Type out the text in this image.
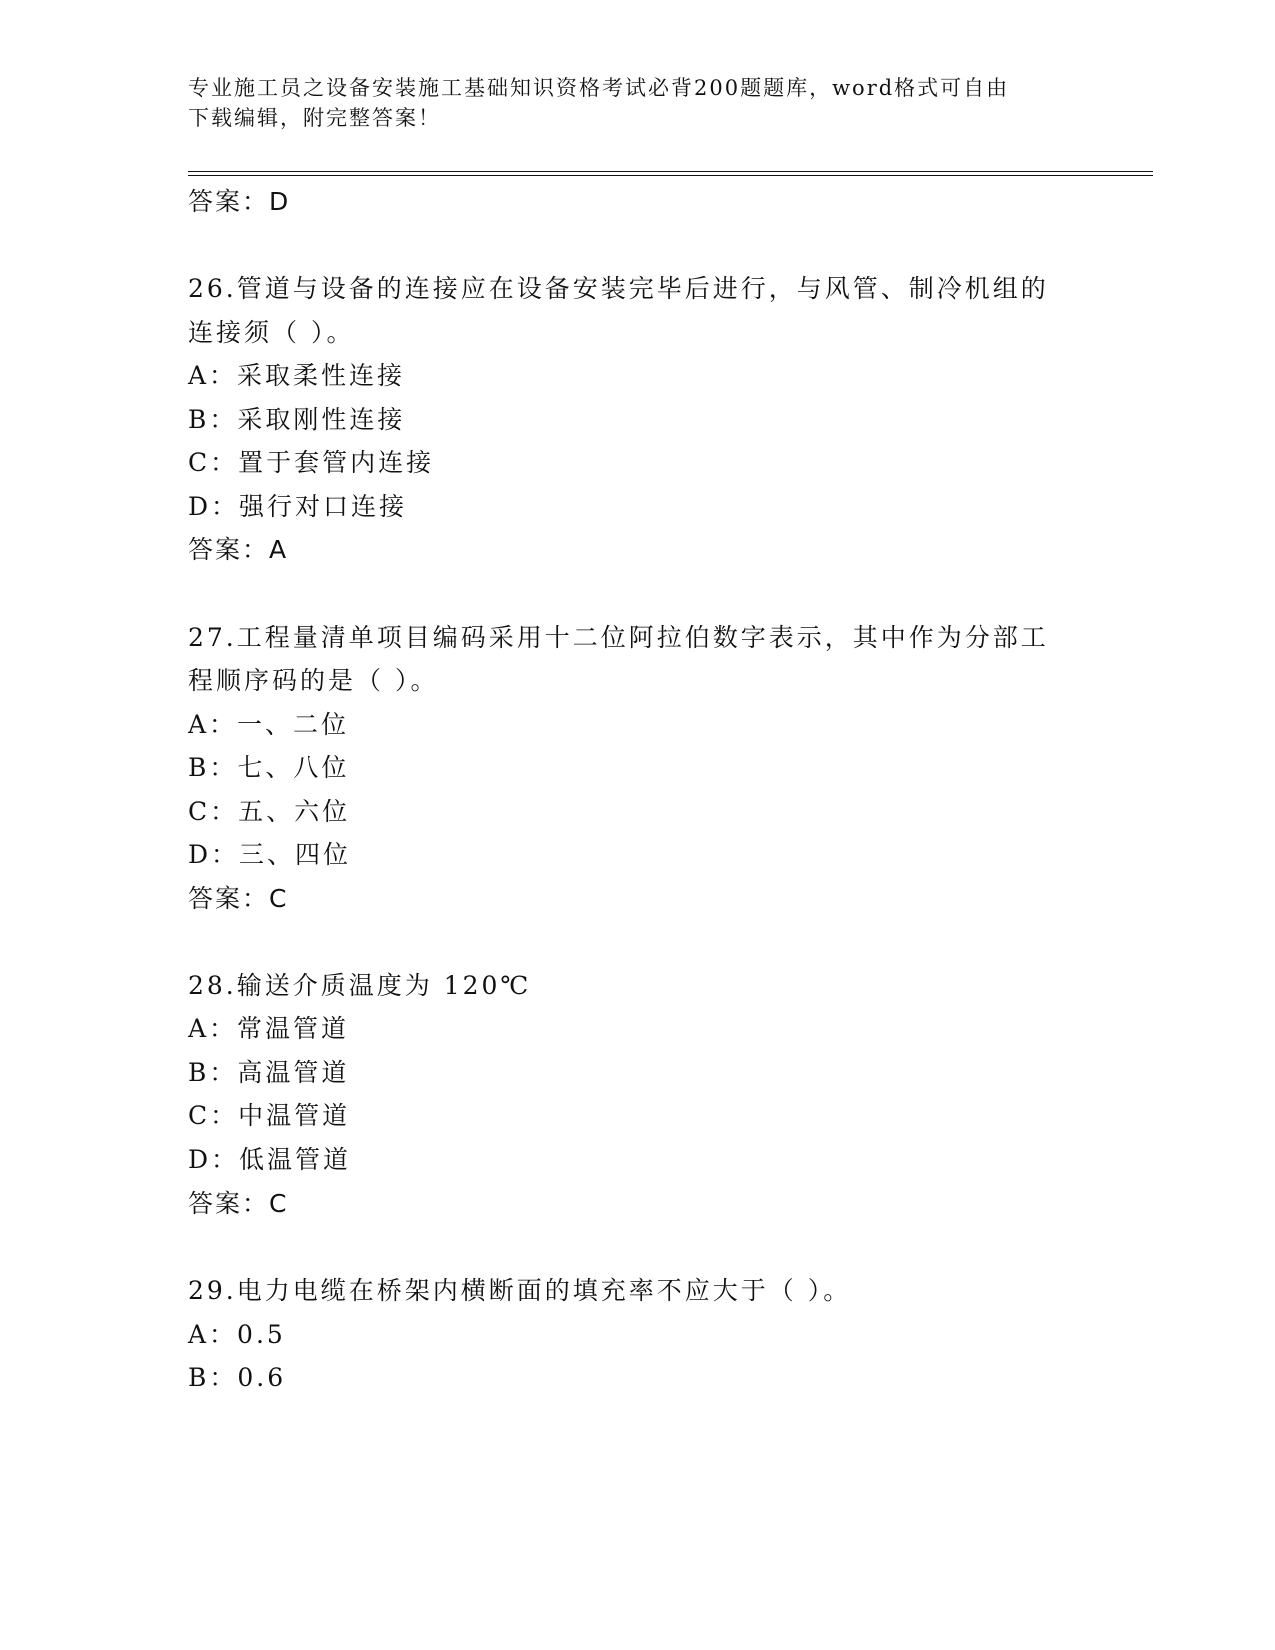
专业施工员之设备安装施工基础知识资格考试必背200题题库，word格式可自由
下载编辑，附完整答案！
答案：D
26.管道与设备的连接应在设备安装完毕后进行，与风管、制冷机组的
连接须（ ）。
A：采取柔性连接
B：采取刚性连接
C：置于套管内连接
D：强行对口连接
答案：A
27.工程量清单项目编码采用十二位阿拉伯数字表示，其中作为分部工
程顺序码的是（ ）。
A：一、二位
B：七、八位
C：五、六位
D：三、四位
答案：C
28.输送介质温度为 120℃
A：常温管道
B：高温管道
C：中温管道
D：低温管道
答案：C
29.电力电缆在桥架内横断面的填充率不应大于（ ）。
A：0.5
B：0.6
